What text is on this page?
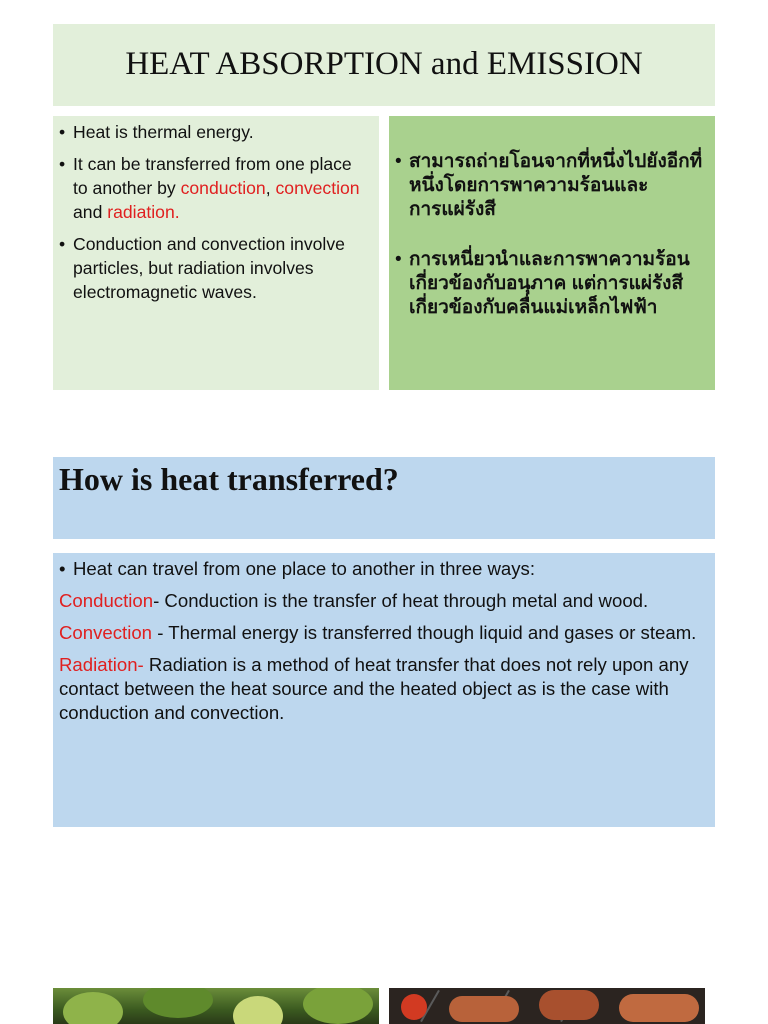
HEAT ABSORPTION and EMISSION
• Heat is thermal energy.
• It can be transferred from one place to another by conduction, convection and radiation.
• Conduction and convection involve particles, but radiation involves electromagnetic waves.
• สามารถถ่ายโอนจากที่หนึ่งไปยังอีกที่หนึ่งโดยการพาความร้อนและการแผ่รังสี
• การเหนี่ยวนำและการพาความร้อนเกี่ยวข้องกับอนุภาค แต่การแผ่รังสีเกี่ยวข้องกับคลื่นแม่เหล็กไฟฟ้า
How is heat transferred?

• Heat can travel from one place to another in three ways:

Conduction- Conduction is the transfer of heat through metal and wood.

Convection - Thermal energy is transferred though liquid and gases or steam.

Radiation- Radiation is a method of heat transfer that does not rely upon any contact between the heat source and the heated object as is the case with conduction and convection.
